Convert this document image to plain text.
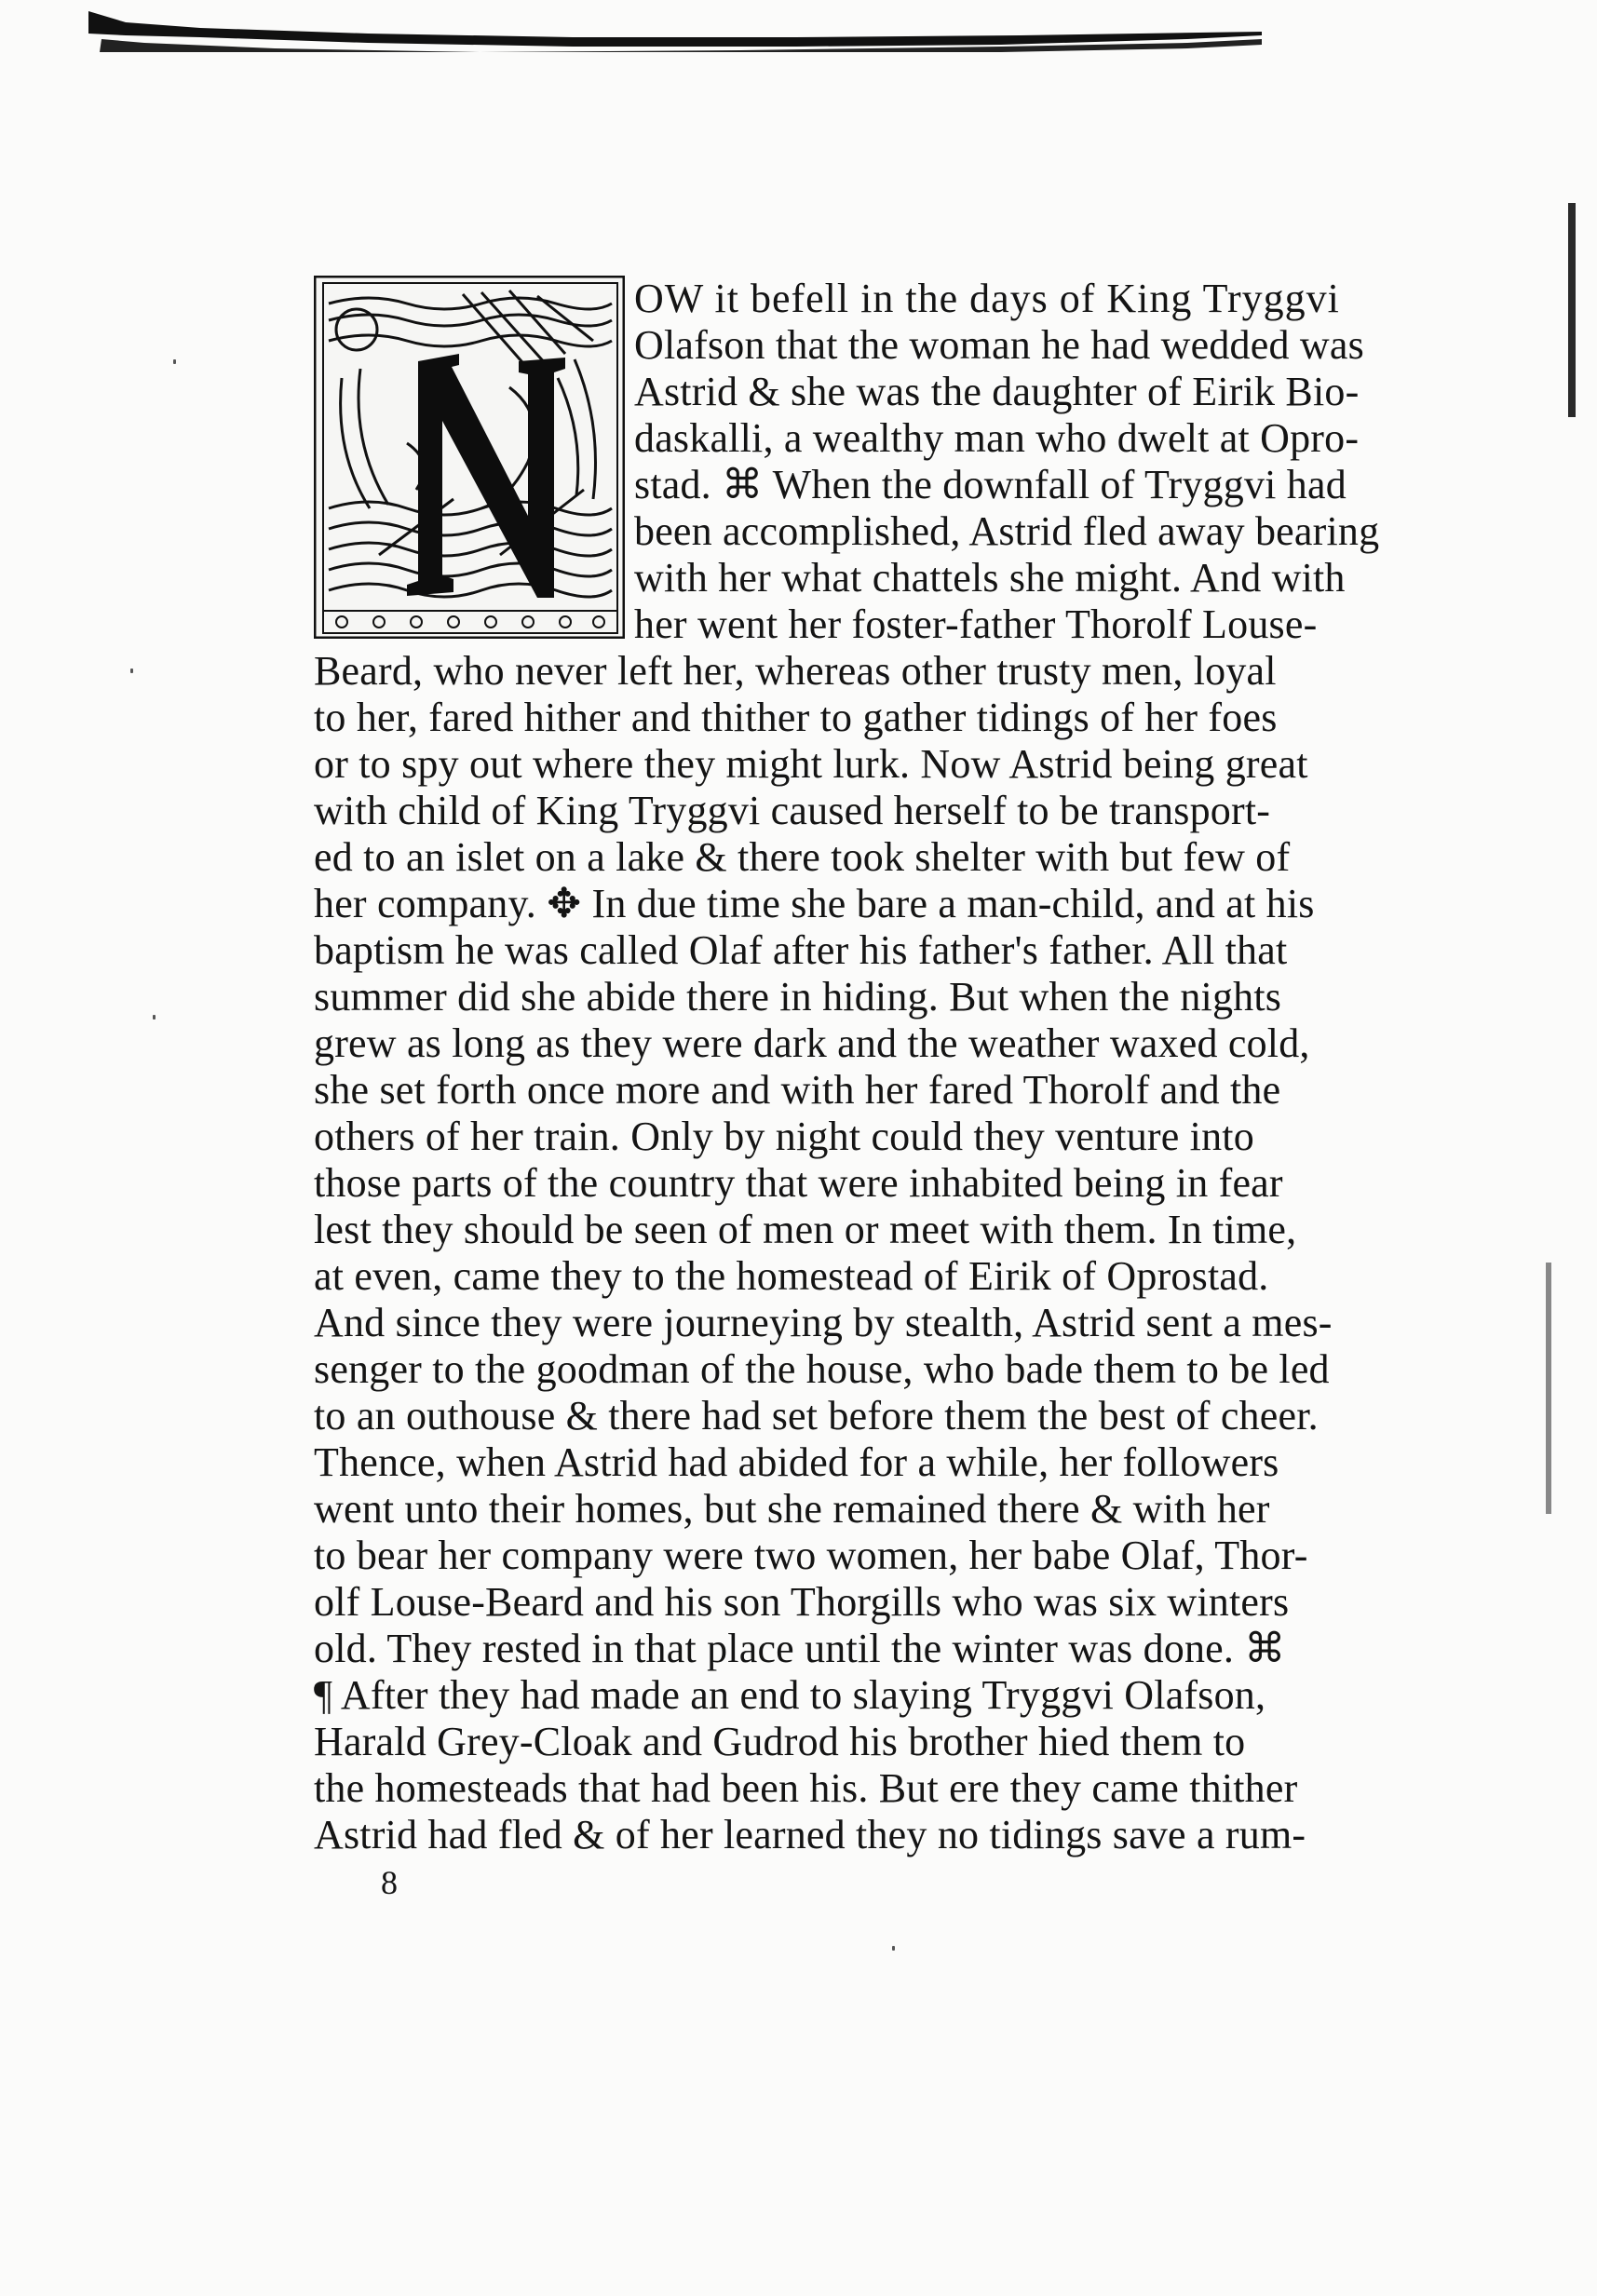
OW it befell in the days of King Tryggvi
Olafson that the woman he had wedded was
Astrid & she was the daughter of Eirik Bio-
daskalli, a wealthy man who dwelt at Opro-
stad. ⌘ When the downfall of Tryggvi had
been accomplished, Astrid fled away bearing
with her what chattels she might. And with
her went her foster-father Thorolf Louse-
Beard, who never left her, whereas other trusty men, loyal
to her, fared hither and thither to gather tidings of her foes
or to spy out where they might lurk. Now Astrid being great
with child of King Tryggvi caused herself to be transport-
ed to an islet on a lake & there took shelter with but few of
her company. ✥ In due time she bare a man-child, and at his
baptism he was called Olaf after his father's father. All that
summer did she abide there in hiding. But when the nights
grew as long as they were dark and the weather waxed cold,
she set forth once more and with her fared Thorolf and the
others of her train. Only by night could they venture into
those parts of the country that were inhabited being in fear
lest they should be seen of men or meet with them. In time,
at even, came they to the homestead of Eirik of Oprostad.
And since they were journeying by stealth, Astrid sent a mes-
senger to the goodman of the house, who bade them to be led
to an outhouse & there had set before them the best of cheer.
Thence, when Astrid had abided for a while, her followers
went unto their homes, but she remained there & with her
to bear her company were two women, her babe Olaf, Thor-
olf Louse-Beard and his son Thorgills who was six winters
old. They rested in that place until the winter was done. ⌘
¶ After they had made an end to slaying Tryggvi Olafson,
Harald Grey-Cloak and Gudrod his brother hied them to
the homesteads that had been his. But ere they came thither
Astrid had fled & of her learned they no tidings save a rum-
8
